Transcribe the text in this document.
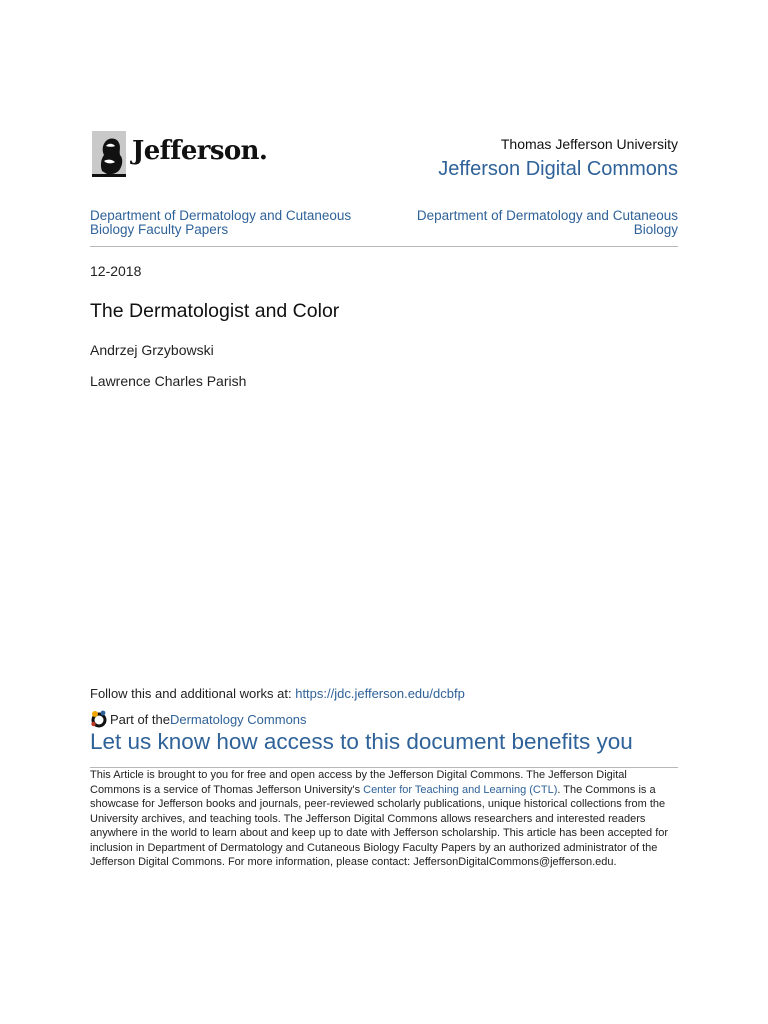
Jefferson.	Thomas Jefferson University
Jefferson Digital Commons
Department of Dermatology and Cutaneous Biology Faculty Papers
Department of Dermatology and Cutaneous
Biology
12-2018
The Dermatologist and Color
Andrzej Grzybowski
Lawrence Charles Parish
Follow this and additional works at: https://jdc.jefferson.edu/dcbfp
Part of the Dermatology Commons
Let us know how access to this document benefits you
This Article is brought to you for free and open access by the Jefferson Digital Commons. The Jefferson Digital Commons is a service of Thomas Jefferson University's Center for Teaching and Learning (CTL). The Commons is a showcase for Jefferson books and journals, peer-reviewed scholarly publications, unique historical collections from the University archives, and teaching tools. The Jefferson Digital Commons allows researchers and interested readers anywhere in the world to learn about and keep up to date with Jefferson scholarship. This article has been accepted for inclusion in Department of Dermatology and Cutaneous Biology Faculty Papers by an authorized administrator of the Jefferson Digital Commons. For more information, please contact: JeffersonDigitalCommons@jefferson.edu.
